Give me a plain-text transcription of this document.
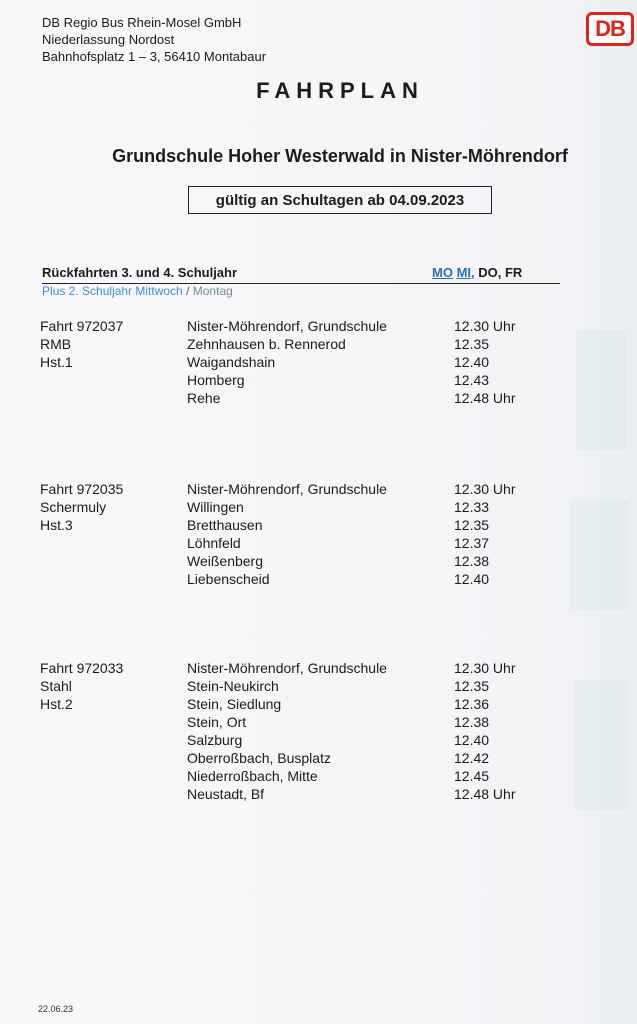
DB Regio Bus Rhein-Mosel GmbH
Niederlassung Nordost
Bahnhofsplatz 1 – 3, 56410 Montabaur
DB
FAHRPLAN
Grundschule Hoher Westerwald in Nister-Möhrendorf
gültig an Schultagen ab 04.09.2023
Rückfahrten 3. und 4. Schuljahr	MO MI, DO, FR
Plus 2. Schuljahr Mittwoch / Montag
Fahrt 972037
RMB
Hst.1
Nister-Möhrendorf, Grundschule	12.30 Uhr
Zehnhausen b. Rennerod	12.35
Waigandshain	12.40
Homberg	12.43
Rehe	12.48 Uhr
Fahrt 972035
Schermuly
Hst.3
Nister-Möhrendorf, Grundschule	12.30 Uhr
Willingen	12.33
Bretthausen	12.35
Löhnfeld	12.37
Weißenberg	12.38
Liebenscheid	12.40
Fahrt 972033
Stahl
Hst.2
Nister-Möhrendorf, Grundschule	12.30 Uhr
Stein-Neukirch	12.35
Stein, Siedlung	12.36
Stein, Ort	12.38
Salzburg	12.40
Oberroßbach, Busplatz	12.42
Niederroßbach, Mitte	12.45
Neustadt, Bf	12.48 Uhr
22.06.23
